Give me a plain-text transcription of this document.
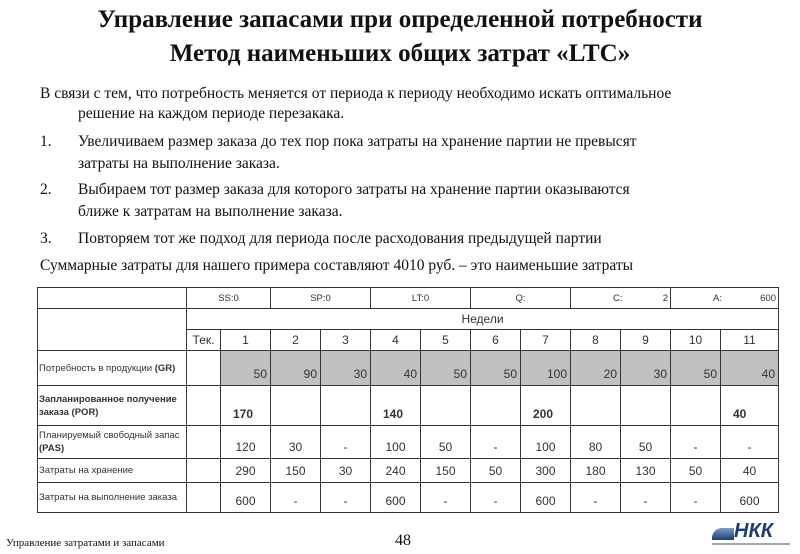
Управление запасами при определенной потребности
Метод наименьших общих затрат «LTC»
В связи с тем, что потребность меняется от периода к периоду необходимо искать оптимальное решение на каждом периоде перезакака.
1. Увеличиваем размер заказа до тех пор пока затраты на хранение партии не превысят
затраты на выполнение заказа.
2. Выбираем тот размер заказа для которого затраты на хранение партии оказываются
ближе к затратам на выполнение заказа.
3. Повторяем тот же подход для периода после расходования предыдущей партии
Суммарные затраты для нашего примера составляют 4010 руб. – это наименьшие затраты

	SS: 0		SP: 0		LT: 0		Q:		C: 2		A: 600	

	Недели											
	Тек.	1	2	3	4	5	6	7	8	9	10	11
Потребность в продукции (GR)		50	90	30	40	50	50	100	20	30	50	40
Запланированное получение заказа (POR)		170			140			200				40
Планируемый свободный запас (PAS)		120	30	-	100	50	-	100	80	50	-	-
Затраты на хранение		290	150	30	240	150	50	300	180	130	50	40
Затраты на выполнение заказа		600	-	-	600	-	-	600	-	-	-	600
Управление затратами и запасами	48	НКК
